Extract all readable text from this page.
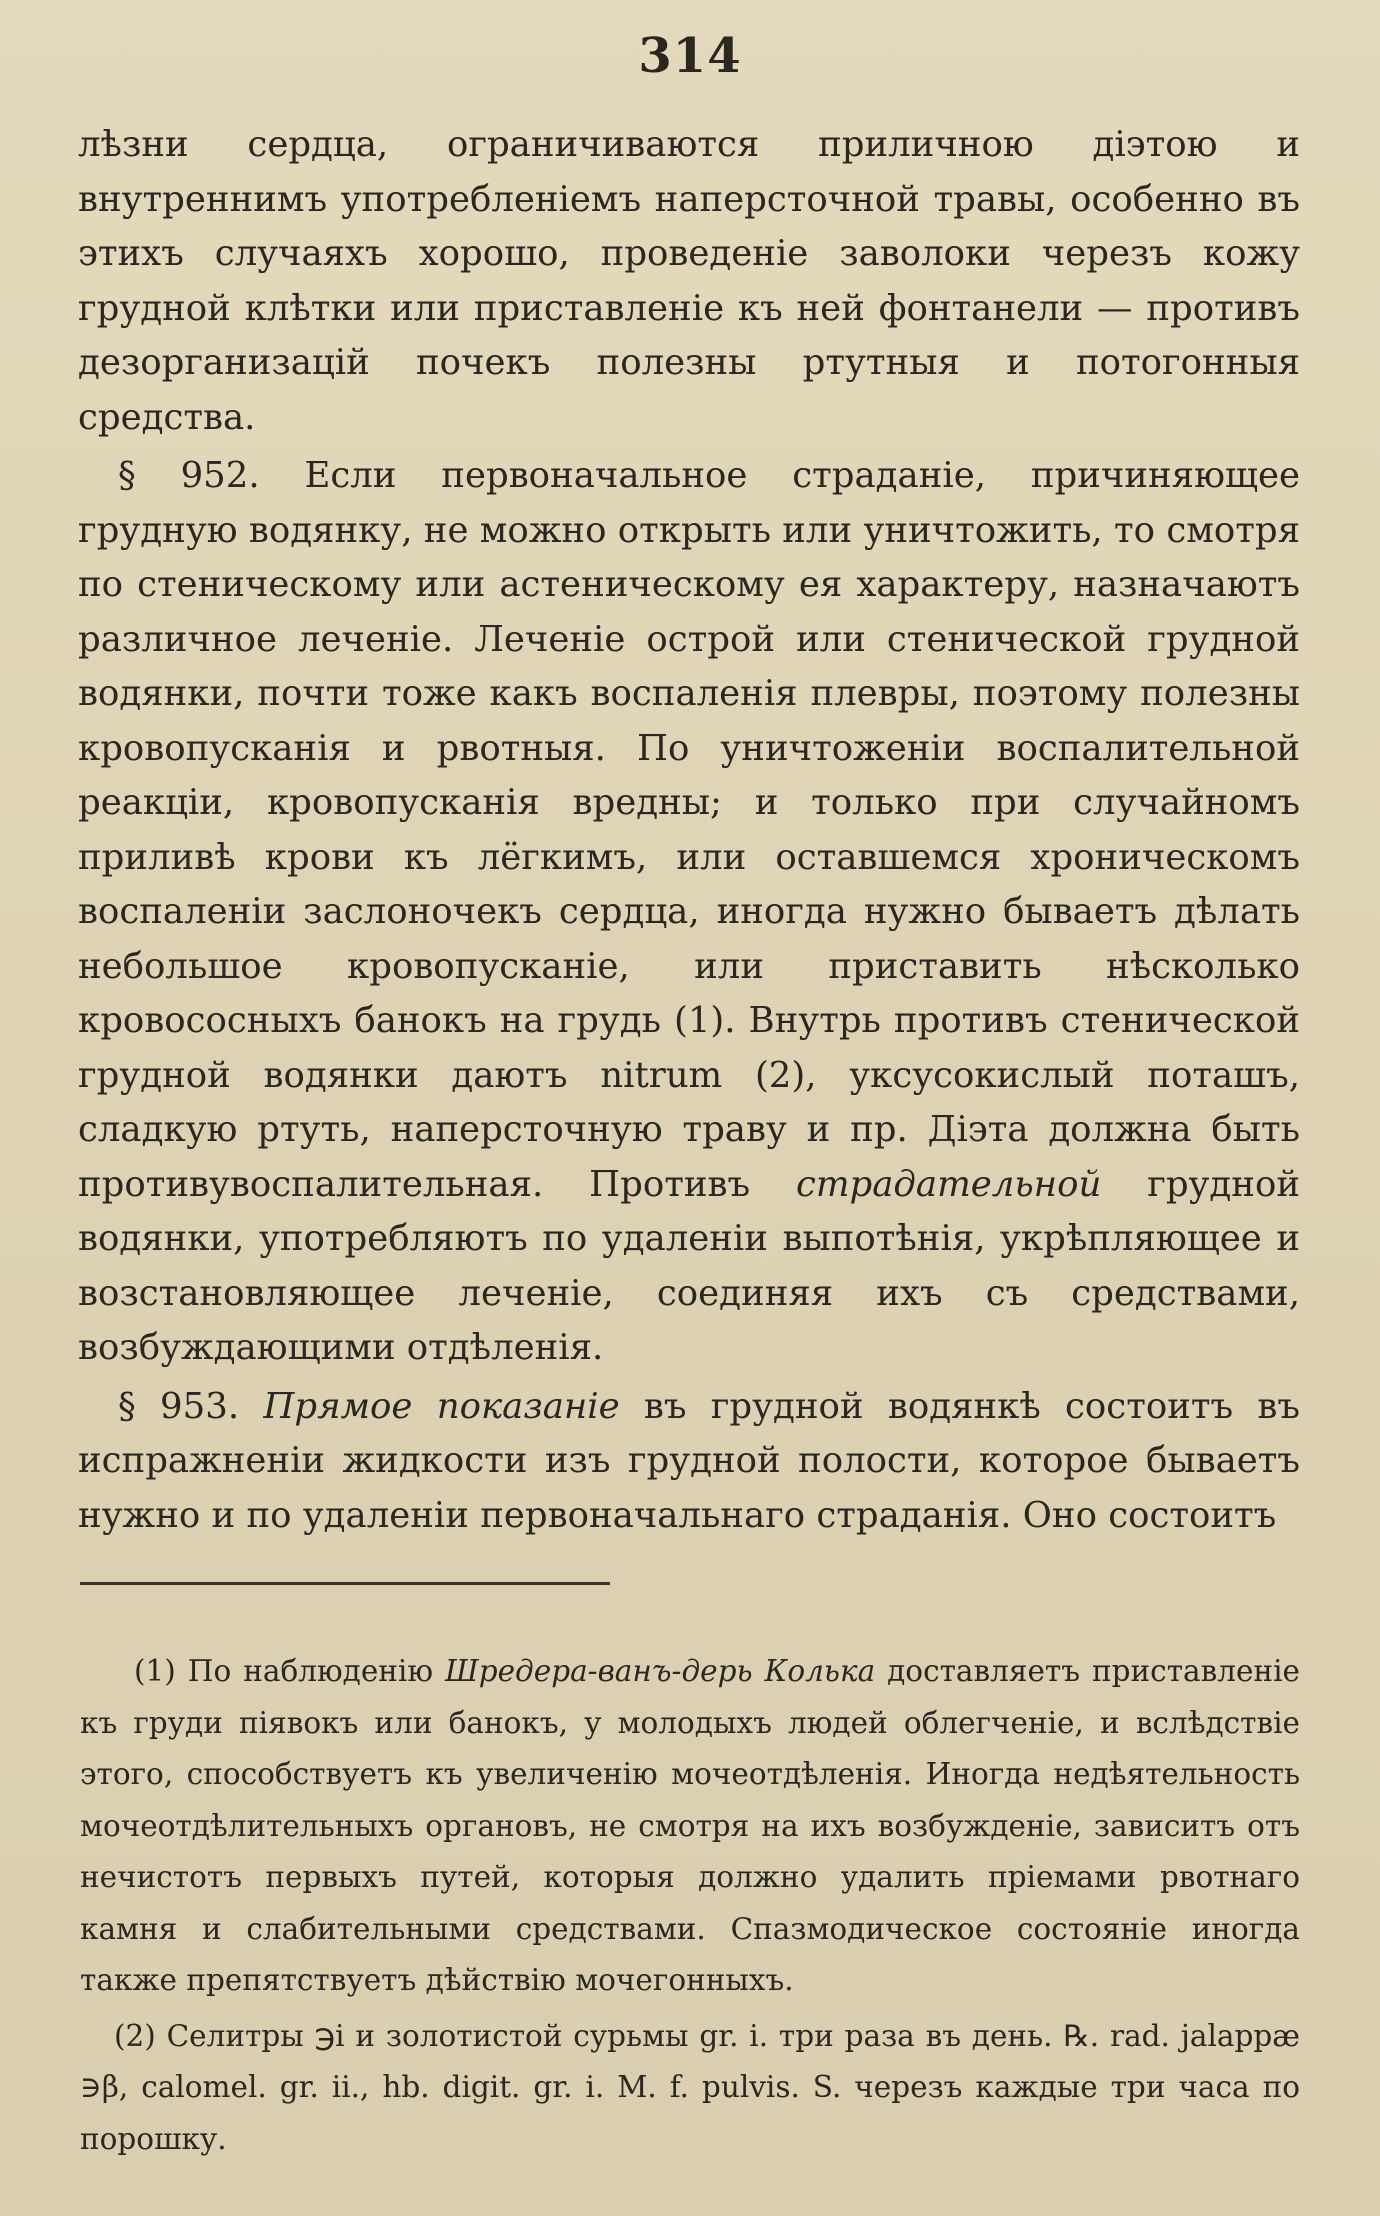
314

лѣзни сердца, ограничиваются приличною діэтою и внутреннимъ употребленіемъ наперсточной травы, особенно въ этихъ случаяхъ хорошо, проведеніе заволоки черезъ кожу грудной клѣтки или приставленіе къ ней фонтанели — противъ дезорганизацій почекъ полезны ртутныя и потогонныя средства.

§ 952. Если первоначальное страданіе, причиняющее грудную водянку, не можно открыть или уничтожить, то смотря по стеническому или астеническому ея характеру, назначаютъ различное леченіе. Леченіе острой или стенической грудной водянки, почти тоже какъ воспаленія плевры, поэтому полезны кровопусканія и рвотныя. По уничтоженіи воспалительной реакціи, кровопусканія вредны; и только при случайномъ приливѣ крови къ лёгкимъ, или оставшемся хроническомъ воспаленіи заслоночекъ сердца, иногда нужно бываетъ дѣлать небольшое кровопусканіе, или приставить нѣсколько кровососныхъ банокъ на грудь (1). Внутрь противъ стенической грудной водянки даютъ nitrum (2), уксусокислый поташъ, сладкую ртуть, наперсточную траву и пр. Діэта должна быть противувоспалительная. Противъ страдательной грудной водянки, употребляютъ по удаленіи выпотѣнія, укрѣпляющее и возстановляющее леченіе, соединяя ихъ съ средствами, возбуждающими отдѣленія.

§ 953. Прямое показаніе въ грудной водянкѣ состоитъ въ испражненіи жидкости изъ грудной полости, которое бываетъ нужно и по удаленіи первоначальнаго страданія. Оно состоитъ

(1) По наблюденію Шредера-ванъ-дерь Колька доставляетъ приставленіе къ груди піявокъ или банокъ, у молодыхъ людей облегченіе, и вслѣдствіе этого, способствуетъ къ увеличенію мочеотдѣленія. Иногда недѣятельность мочеотдѣлительныхъ органовъ, не смотря на ихъ возбужденіе, зависитъ отъ нечистотъ первыхъ путей, которыя должно удалить пріемами рвотнаго камня и слабительными средствами. Спазмодическое состояніе иногда также препятствуетъ дѣйствію мочегонныхъ.

(2) Селитры ℈і и золотистой сурьмы gr. i. три раза въ день. ℞. rad. jalappæ ∋β, calomel. gr. ii., hb. digit. gr. i. M. f. pulvis. S. черезъ каждые три часа по порошку.
